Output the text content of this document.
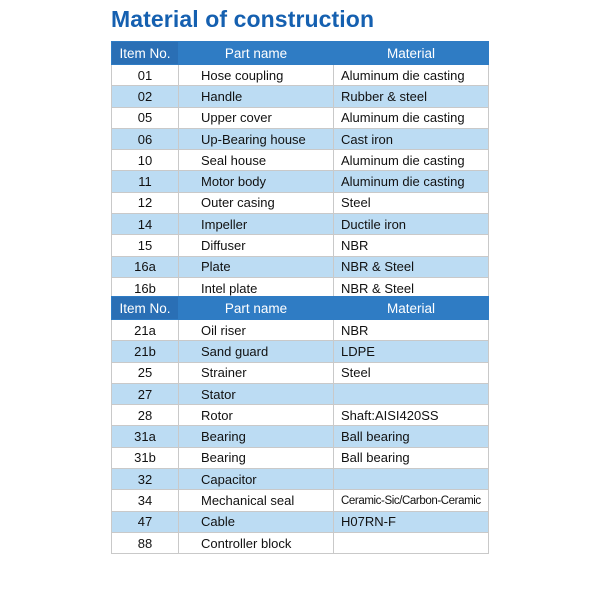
Material of construction
Item No.	Part name	Material
01	Hose coupling	Aluminum die casting
02	Handle	Rubber & steel
05	Upper cover	Aluminum die casting
06	Up-Bearing house	Cast iron
10	Seal house	Aluminum die casting
11	Motor body	Aluminum die casting
12	Outer casing	Steel
14	Impeller	Ductile iron
15	Diffuser	NBR
16a	Plate	NBR & Steel
16b	Intel plate	NBR & Steel
Item No.	Part name	Material
21a	Oil riser	NBR
21b	Sand guard	LDPE
25	Strainer	Steel
27	Stator	
28	Rotor	Shaft:AISI420SS
31a	Bearing	Ball bearing
31b	Bearing	Ball bearing
32	Capacitor	
34	Mechanical seal	Ceramic-Sic/Carbon-Ceramic
47	Cable	H07RN-F
88	Controller block	
